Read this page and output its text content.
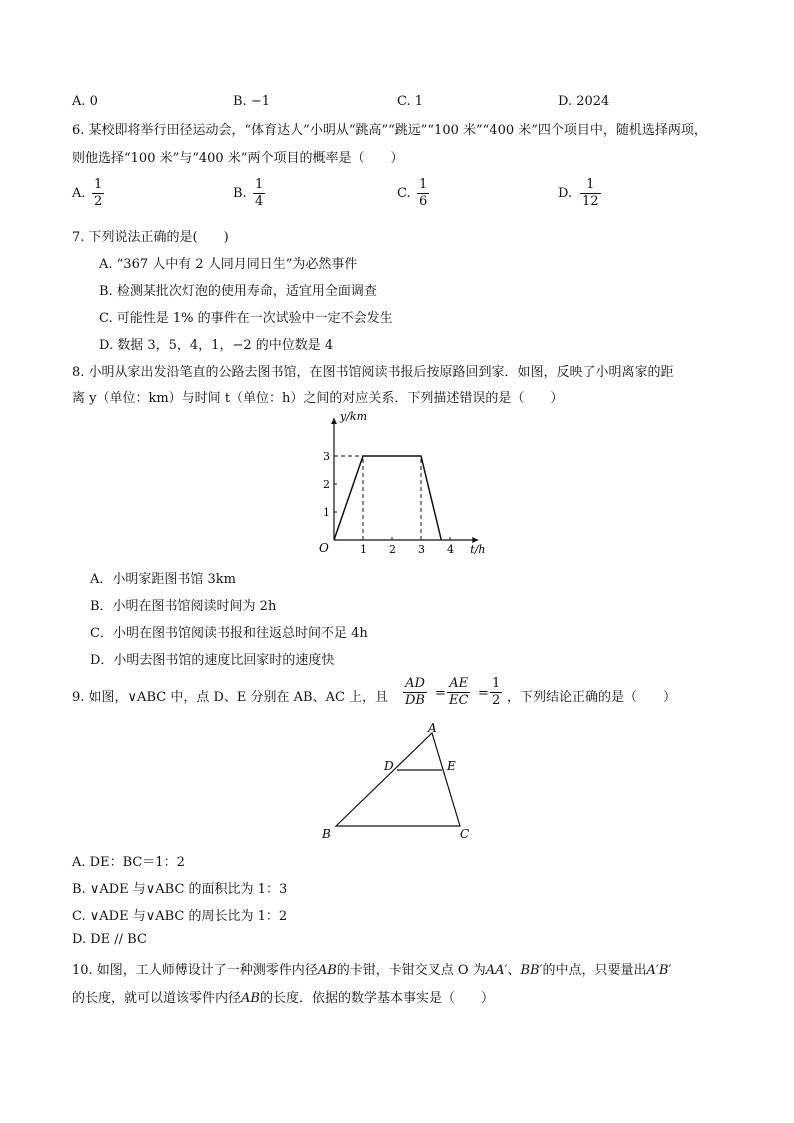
A. 0	B. −1	C. 1	D. 2024
6. 某校即将举行田径运动会，“体育达人”小明从“跳高”“跳远”“100 米”“400 米”四个项目中，随机选择两项，
则他选择“100 米”与“400 米”两个项目的概率是（　　）
A. $\frac{1}{2}$	B. $\frac{1}{4}$	C. $\frac{1}{6}$	D. $\frac{1}{12}$
7. 下列说法正确的是(　　)
A. “367 人中有 2 人同月同日生”为必然事件
B. 检测某批次灯泡的使用寿命，适宜用全面调查
C. 可能性是 1% 的事件在一次试验中一定不会发生
D. 数据 3，5，4，1，−2 的中位数是 4
8. 小明从家出发沿笔直的公路去图书馆，在图书馆阅读书报后按原路回到家．如图，反映了小明离家的距
离 y（单位：km）与时间 t（单位：h）之间的对应关系．下列描述错误的是（　　）
t/h
y/km
O	1 2 3 4
1
2
3
A．小明家距图书馆 3km
B．小明在图书馆阅读时间为 2h
C．小明在图书馆阅读书报和往返总时间不足 4h
D．小明去图书馆的速度比回家时的速度快
9. 如图，∨ABC 中，点 D、E 分别在 AB、AC 上，且 $\frac{AD}{DB} = \frac{AE}{EC} = \frac{1}{2}$ ，下列结论正确的是（　　）
A
B	C
D	E
A. DE：BC＝1：2
B. ∨ADE 与∨ABC 的面积比为 1：3
C. ∨ADE 与∨ABC 的周长比为 1：2
D. DE // BC
10. 如图，工人师傅设计了一种测零件内径AB的卡钳，卡钳交叉点 O 为AA′、BB′的中点，只要量出A′B′
的长度，就可以道该零件内径AB的长度．依据的数学基本事实是（　　）
